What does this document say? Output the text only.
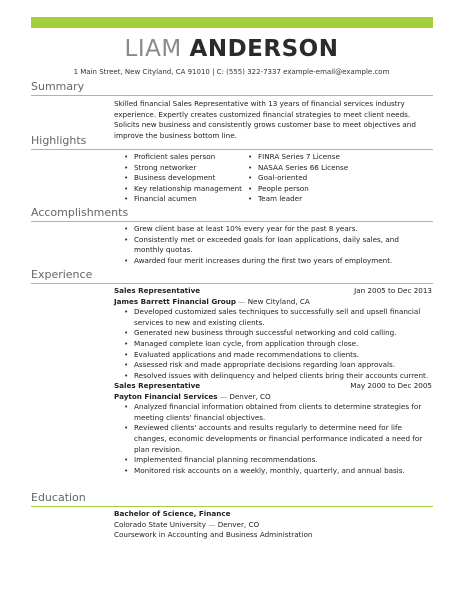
LIAM ANDERSON
1 Main Street, New Cityland, CA 91010 | C: (555) 322-7337 example-email@example.com
Summary
Skilled financial Sales Representative with 13 years of financial services industry experience. Expertly creates customized financial strategies to meet client needs. Solicits new business and consistently grows customer base to meet objectives and improve the business bottom line.
Highlights
• Proficient sales person
• Strong networker
• Business development
• Key relationship management
• Financial acumen
• FINRA Series 7 License
• NASAA Series 66 License
• Goal-oriented
• People person
• Team leader
Accomplishments
• Grew client base at least 10% every year for the past 8 years.
• Consistently met or exceeded goals for loan applications, daily sales, and monthly quotas.
• Awarded four merit increases during the first two years of employment.
Experience
Sales Representative	Jan 2005 to Dec 2013
James Barrett Financial Group — New Cityland, CA
• Developed customized sales techniques to successfully sell and upsell financial services to new and existing clients.
• Generated new business through successful networking and cold calling.
• Managed complete loan cycle, from application through close.
• Evaluated applications and made recommendations to clients.
• Assessed risk and made appropriate decisions regarding loan approvals.
• Resolved issues with delinquency and helped clients bring their accounts current.
Sales Representative	May 2000 to Dec 2005
Payton Financial Services — Denver, CO
• Analyzed financial information obtained from clients to determine strategies for meeting clients' financial objectives.
• Reviewed clients' accounts and results regularly to determine need for life changes, economic developments or financial performance indicated a need for plan revision.
• Implemented financial planning recommendations.
• Monitored risk accounts on a weekly, monthly, quarterly, and annual basis.
Education
Bachelor of Science, Finance
Colorado State University — Denver, CO
Coursework in Accounting and Business Administration
